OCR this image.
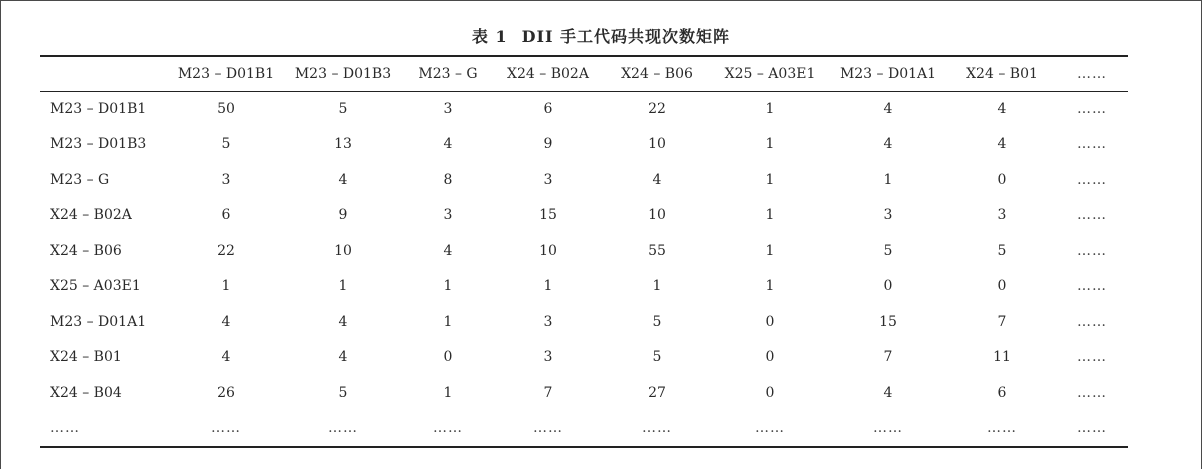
表 1 DII 手工代码共现次数矩阵
	M23 – D01B1	M23 – D01B3	M23 – G	X24 – B02A	X24 – B06	X25 – A03E1	M23 – D01A1	X24 – B01	……
M23 – D01B1	50	5	3	6	22	1	4	4	……
M23 – D01B3	5	13	4	9	10	1	4	4	……
M23 – G	3	4	8	3	4	1	1	0	……
X24 – B02A	6	9	3	15	10	1	3	3	……
X24 – B06	22	10	4	10	55	1	5	5	……
X25 – A03E1	1	1	1	1	1	1	0	0	……
M23 – D01A1	4	4	1	3	5	0	15	7	……
X24 – B01	4	4	0	3	5	0	7	11	……
X24 – B04	26	5	1	7	27	0	4	6	……
……	……	……	……	……	……	……	……	……	……
